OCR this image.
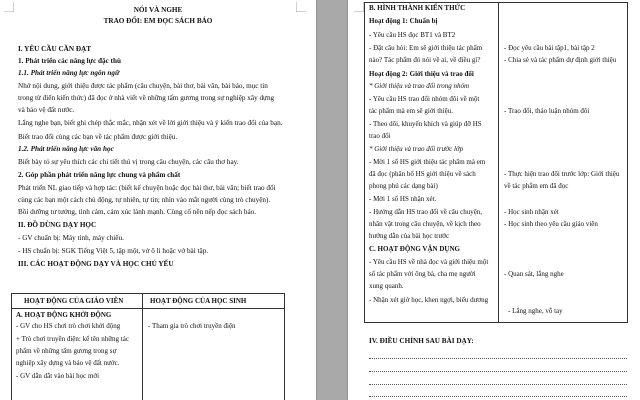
NÓI VÀ NGHE
TRAO ĐỔI: EM ĐỌC SÁCH BÁO
I. YÊU CẦU CẦN ĐẠT
1. Phát triển các năng lực đặc thù
1.1. Phát triển năng lực ngôn ngữ
Nhớ nội dung, giới thiệu được tác phẩm (câu chuyện, bài thơ, bài văn, bài báo, mục tin
trong từ điển kiến thức) đã đọc ở nhà viết về những tấm gương trong sự nghiệp xây dựng
và bảo vệ đất nước.
Lắng nghe bạn, biết ghi chép thắc mắc, nhận xét về lời giới thiệu và ý kiến trao đổi của bạn.
Biết trao đổi cùng các bạn về tác phẩm được giới thiệu.
1.2. Phát triển năng lực văn học
Biết bày tỏ sự yêu thích các chi tiết thú vị trong câu chuyện, các câu thơ hay.
2. Góp phần phát triển năng lực chung và phẩm chất
Phát triển NL giao tiếp và hợp tác: (biết kể chuyện hoặc đọc bài thơ, bài văn; biết trao đổi
cùng các bạn một cách chủ động, tự nhiên, tự tin; nhìn vào mắt người cùng trò chuyện).
Bồi dưỡng tư tưởng, tình cảm, cảm xúc lành mạnh. Cùng cố nền nếp đọc sách báo.
II. ĐỒ DÙNG DẠY HỌC
- GV chuẩn bị: Máy tính, máy chiếu.
- HS chuẩn bị: SGK Tiếng Việt 5, tập một, vở ô li hoặc vở bài tập.
III. CÁC HOẠT ĐỘNG DẠY VÀ HỌC CHỦ YẾU
HOẠT ĐỘNG CỦA GIÁO VIÊN	HOẠT ĐỘNG CỦA HỌC SINH
A. HOẠT ĐỘNG KHỞI ĐỘNG
- GV cho HS chơi trò chơi khởi động
+ Trò chơi truyền điện: kể tên những tác
phẩm về những tấm gương trong sự
nghiệp xây dựng và bảo vệ đất nước.
- GV dẫn dắt vào bài học mới
- Tham gia trò chơi truyền điện
B. HÌNH THÀNH KIẾN THỨC
Hoạt động 1: Chuẩn bị
- Yêu cầu HS đọc BT1 và BT2
- Đặt câu hỏi: Em sẽ giới thiệu tác phẩm
nào? Tác phẩm đó nói về ai, về điều gì?
- Đọc yêu cầu bài tập1, bài tập 2
- Chia sẻ và tác phẩm dự định giới thiệu
Hoạt động 2: Giới thiệu và trao đổi
* Giới thiệu và trao đổi trong nhóm
- Yêu cầu HS trao đổi nhóm đôi về một
tác phẩm mà em sẽ giới thiệu.
- Theo dõi, khuyến khích và giúp đỡ HS
trao đổi
- Trao đổi, thảo luận nhóm đôi
* Giới thiệu và trao đổi trước lớp
- Mời 1 số HS giới thiệu tác phẩm mà em
đã đọc (phân bổ HS giới thiệu về sách
phong phú các dạng bài)
- Thực hiện trao đổi trước lớp: Giới thiệu
về tác phẩm em đã đọc
- Mời 1 số HS nhận xét.
- Hướng dẫn HS trao đổi về câu chuyện,
nhân vật trong câu chuyện, về kịch theo
hướng dẫn của bài học trước
- Học sinh nhận xét
- Học sinh theo yêu cầu giáo viên
C. HOẠT ĐỘNG VẬN DỤNG
- Yêu cầu HS về nhà đọc và giới thiệu một
số tác phẩm với ông bà, cha mẹ người
xung quanh.
- Nhận xét giờ học, khen ngợi, biểu dương
- Quan sát, lắng nghe
- Lắng nghe, vỗ tay
IV. ĐIỀU CHỈNH SAU BÀI DẠY:
